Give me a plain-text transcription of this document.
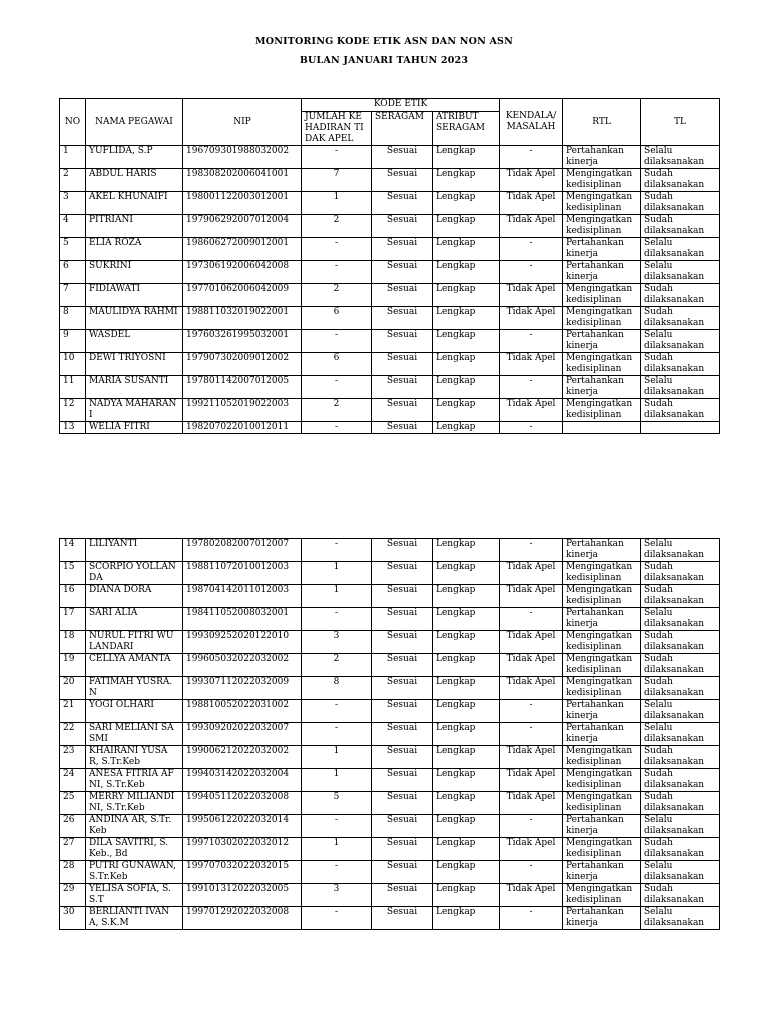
MONITORING KODE ETIK ASN DAN NON ASN
BULAN JANUARI TAHUN 2023
NO	NAMA PEGAWAI	NIP	KODE ETIK			KENDALA/ MASALAH	RTL	TL
			JUMLAH KE HADIRAN TI DAK APEL	SERAGAM	ATRIBUT SERAGAM			
1	YUFLIDA, S.P	196709301988032002	-	Sesuai	Lengkap	-	Pertahankan kinerja	Selalu dilaksanakan
2	ABDUL HARIS	198308202006041001	7	Sesuai	Lengkap	Tidak Apel	Mengingatkan kedisiplinan	Sudah dilaksanakan
3	AKEL KHUNAIFI	198001122003012001	1	Sesuai	Lengkap	Tidak Apel	Mengingatkan kedisiplinan	Sudah dilaksanakan
4	PITRIANI	197906292007012004	2	Sesuai	Lengkap	Tidak Apel	Mengingatkan kedisiplinan	Sudah dilaksanakan
5	ELIA ROZA	198606272009012001	-	Sesuai	Lengkap	-	Pertahankan kinerja	Selalu dilaksanakan
6	SUKRINI	197306192006042008	-	Sesuai	Lengkap	-	Pertahankan kinerja	Selalu dilaksanakan
7	FIDIAWATI	197701062006042009	2	Sesuai	Lengkap	Tidak Apel	Mengingatkan kedisiplinan	Sudah dilaksanakan
8	MAULIDYA RAHMI	198811032019022001	6	Sesuai	Lengkap	Tidak Apel	Mengingatkan kedisiplinan	Sudah dilaksanakan
9	WASDEL	197603261995032001	-	Sesuai	Lengkap	-	Pertahankan kinerja	Selalu dilaksanakan
10	DEWI TRIYOSNI	197907302009012002	6	Sesuai	Lengkap	Tidak Apel	Mengingatkan kedisiplinan	Sudah dilaksanakan
11	MARIA SUSANTI	197801142007012005	-	Sesuai	Lengkap	-	Pertahankan kinerja	Selalu dilaksanakan
12	NADYA MAHARAN I	199211052019022003	2	Sesuai	Lengkap	Tidak Apel	Mengingatkan kedisiplinan	Sudah dilaksanakan
13	WELIA FITRI	198207022010012011	-	Sesuai	Lengkap	-		
14	LILIYANTI	197802082007012007	-	Sesuai	Lengkap	-	Pertahankan kinerja	Selalu dilaksanakan
15	SCORPIO YOLLAN DA	198811072010012003	1	Sesuai	Lengkap	Tidak Apel	Mengingatkan kedisiplinan	Sudah dilaksanakan
16	DIANA DORA	198704142011012003	1	Sesuai	Lengkap	Tidak Apel	Mengingatkan kedisiplinan	Sudah dilaksanakan
17	SARI ALIA	198411052008032001	-	Sesuai	Lengkap	-	Pertahankan kinerja	Selalu dilaksanakan
18	NURUL FITRI WU LANDARI	199309252020122010	3	Sesuai	Lengkap	Tidak Apel	Mengingatkan kedisiplinan	Sudah dilaksanakan
19	CELLYA AMANTA	199605032022032002	2	Sesuai	Lengkap	Tidak Apel	Mengingatkan kedisiplinan	Sudah dilaksanakan
20	FATIMAH YUSRA. N	199307112022032009	8	Sesuai	Lengkap	Tidak Apel	Mengingatkan kedisiplinan	Sudah dilaksanakan
21	YOGI OLHARI	198810052022031002	-	Sesuai	Lengkap	-	Pertahankan kinerja	Selalu dilaksanakan
22	SARI MELIANI SA SMI	199309202022032007	-	Sesuai	Lengkap	-	Pertahankan kinerja	Selalu dilaksanakan
23	KHAIRANI YUSA R, S.Tr.Keb	199006212022032002	1	Sesuai	Lengkap	Tidak Apel	Mengingatkan kedisiplinan	Sudah dilaksanakan
24	ANESA FITRIA AF NI, S.Tr.Keb	199403142022032004	1	Sesuai	Lengkap	Tidak Apel	Mengingatkan kedisiplinan	Sudah dilaksanakan
25	MERRY MILIANDI NI, S.Tr.Keb	199405112022032008	5	Sesuai	Lengkap	Tidak Apel	Mengingatkan kedisiplinan	Sudah dilaksanakan
26	ANDINA AR, S.Tr. Keb	199506122022032014	-	Sesuai	Lengkap	-	Pertahankan kinerja	Selalu dilaksanakan
27	DILA SAVITRI, S. Keb., Bd	199710302022032012	1	Sesuai	Lengkap	Tidak Apel	Mengingatkan kedisiplinan	Sudah dilaksanakan
28	PUTRI GUNAWAN, S.Tr.Keb	199707032022032015	-	Sesuai	Lengkap	-	Pertahankan kinerja	Selalu dilaksanakan
29	YELISA SOFIA, S. S.T	199101312022032005	3	Sesuai	Lengkap	Tidak Apel	Mengingatkan kedisiplinan	Sudah dilaksanakan
30	BERLIANTI IVAN A, S.K.M	199701292022032008	-	Sesuai	Lengkap	-	Pertahankan kinerja	Selalu dilaksanakan
